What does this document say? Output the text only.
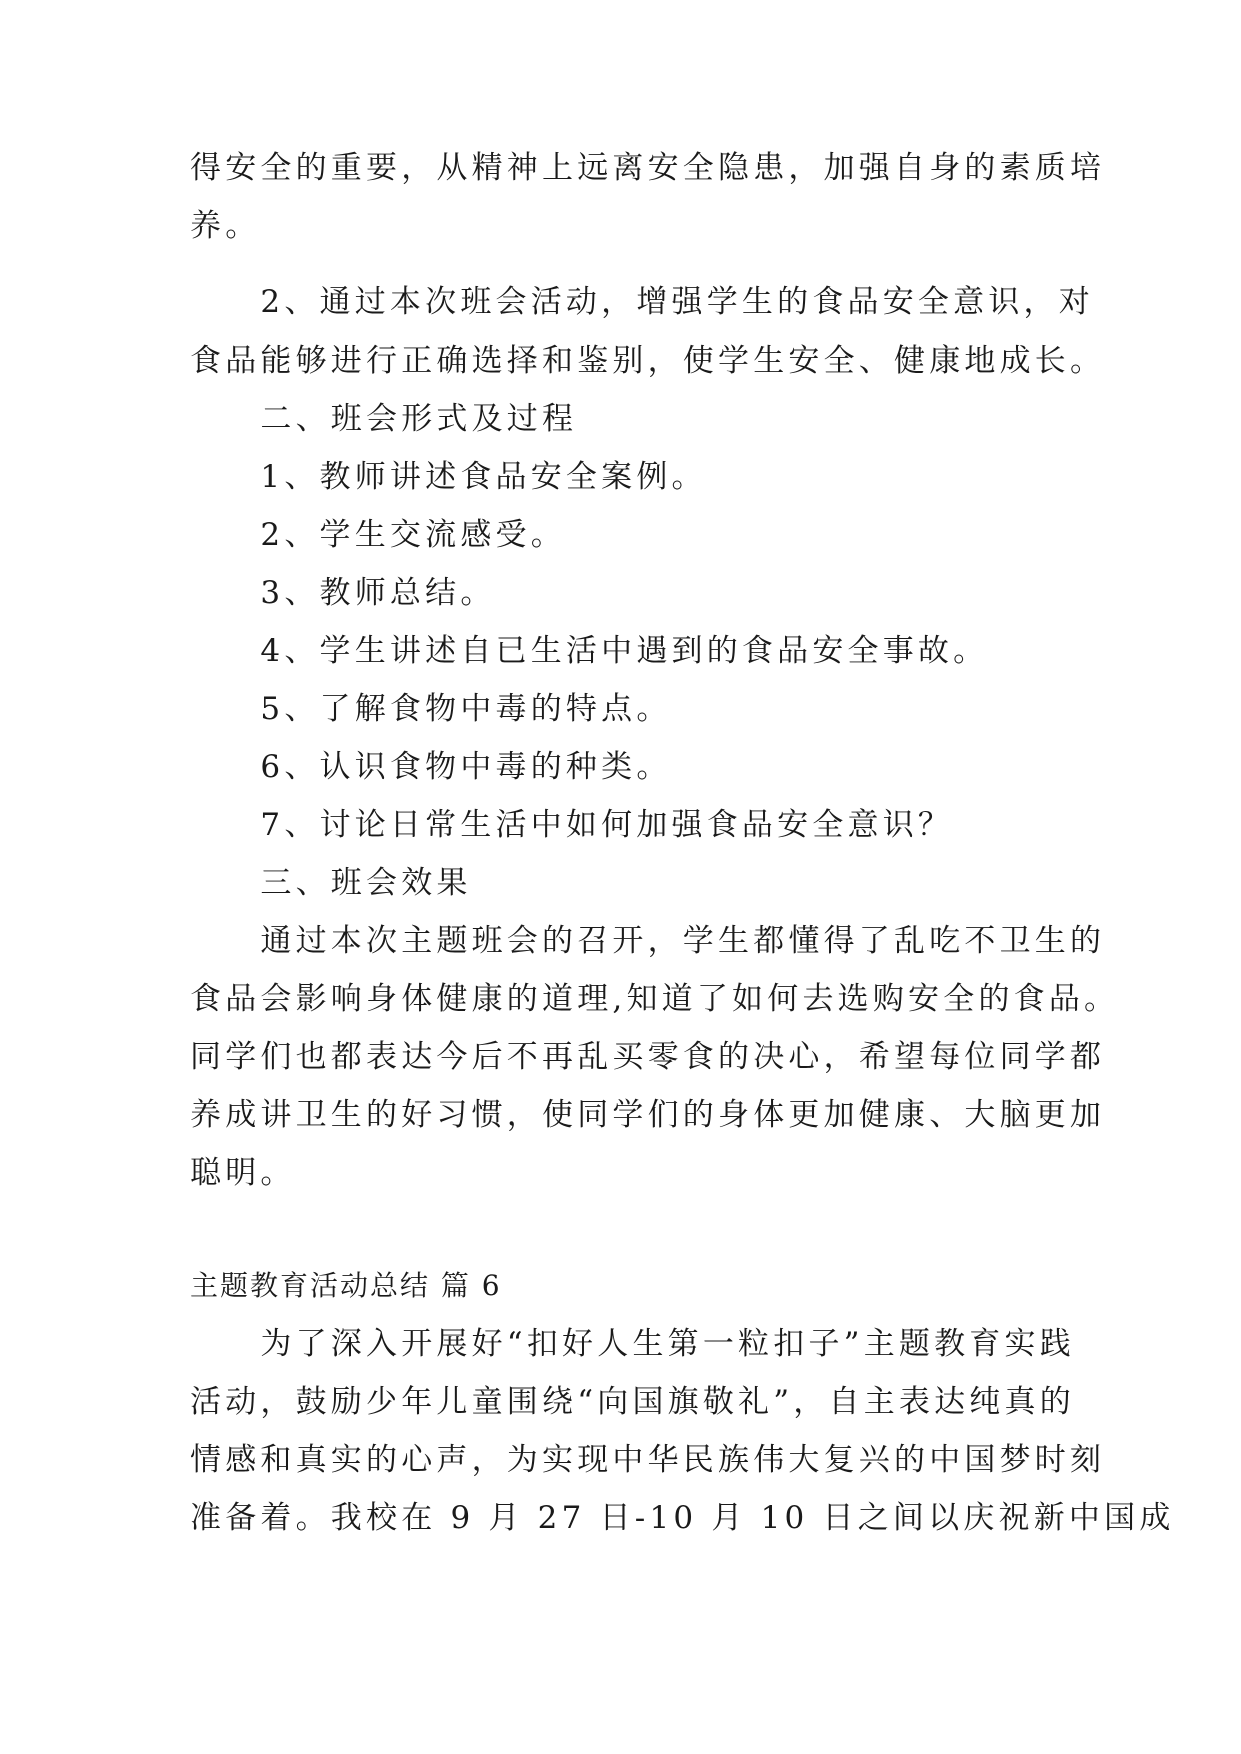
得安全的重要，从精神上远离安全隐患，加强自身的素质培
养。
　　2、通过本次班会活动，增强学生的食品安全意识，对
食品能够进行正确选择和鉴别，使学生安全、健康地成长。
　　二、班会形式及过程
　　1、教师讲述食品安全案例。
　　2、学生交流感受。
　　3、教师总结。
　　4、学生讲述自已生活中遇到的食品安全事故。
　　5、了解食物中毒的特点。
　　6、认识食物中毒的种类。
　　7、讨论日常生活中如何加强食品安全意识？
　　三、班会效果
　　通过本次主题班会的召开，学生都懂得了乱吃不卫生的
食品会影响身体健康的道理,知道了如何去选购安全的食品。
同学们也都表达今后不再乱买零食的决心，希望每位同学都
养成讲卫生的好习惯，使同学们的身体更加健康、大脑更加
聪明。
主题教育活动总结 篇 6
　　为了深入开展好“扣好人生第一粒扣子”主题教育实践
活动，鼓励少年儿童围绕“向国旗敬礼”，自主表达纯真的
情感和真实的心声，为实现中华民族伟大复兴的中国梦时刻
准备着。我校在 9 月 27 日-10 月 10 日之间以庆祝新中国成
